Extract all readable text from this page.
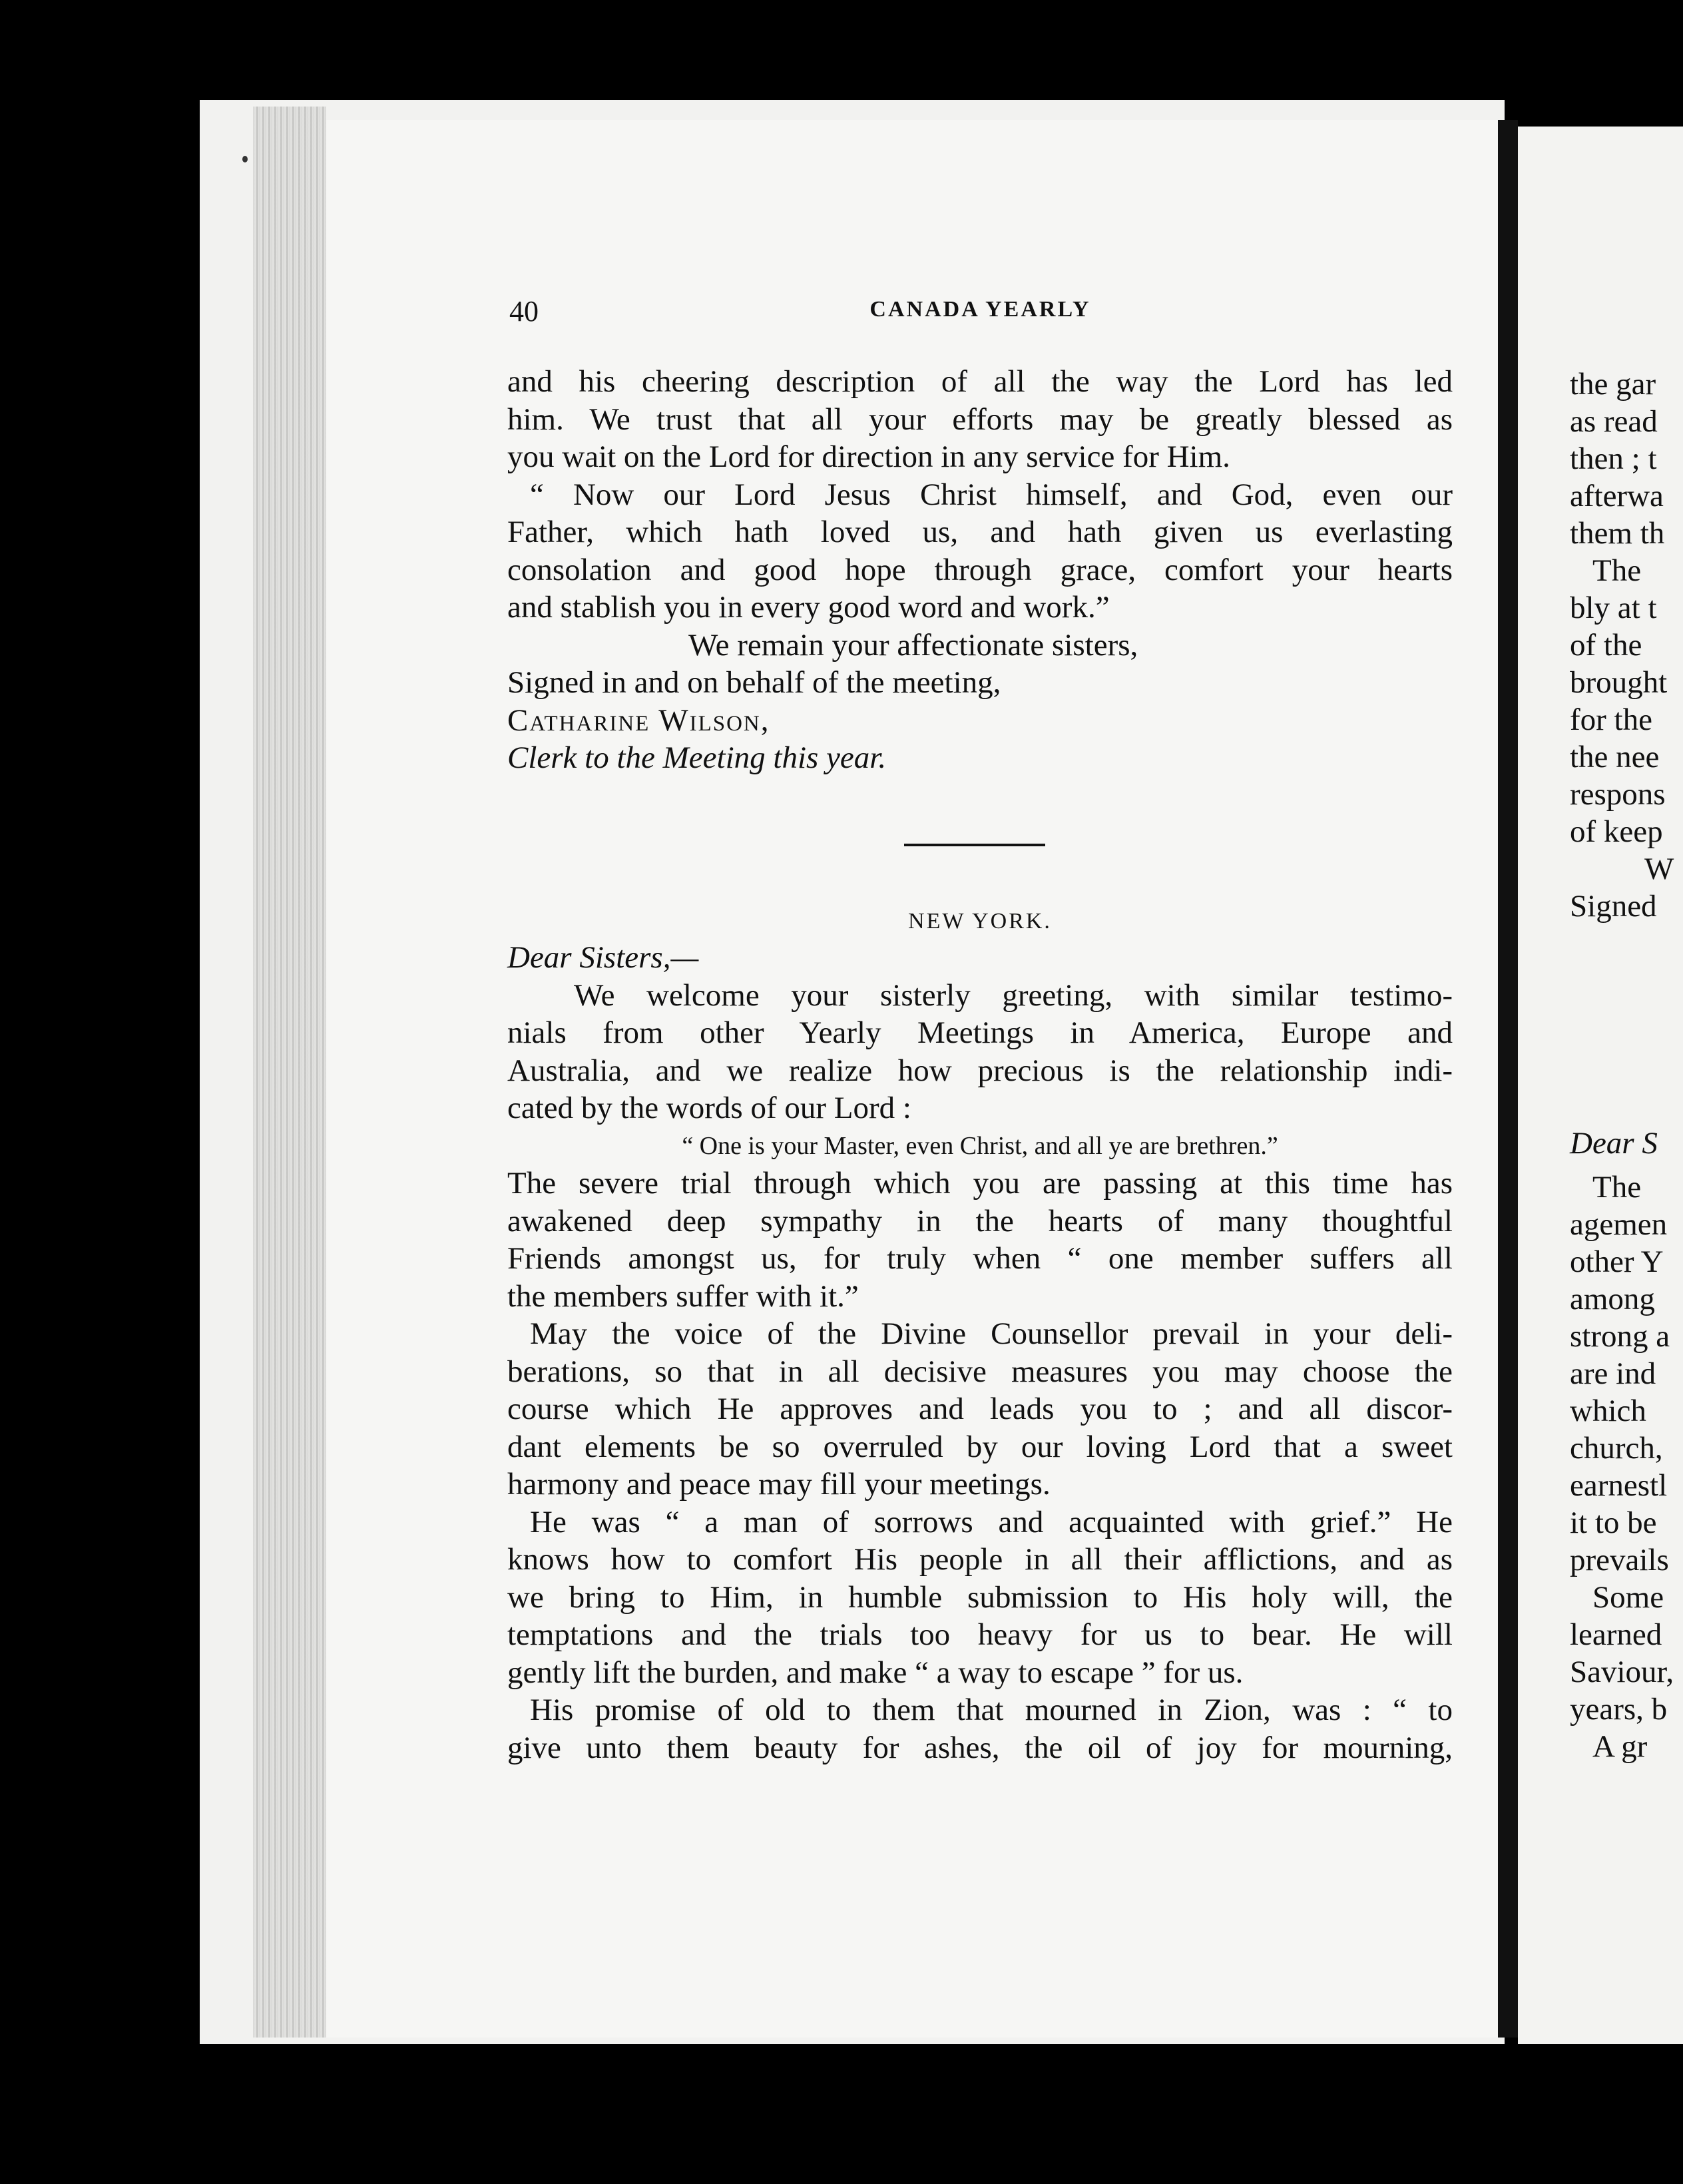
40	CANADA YEARLY

and his cheering description of all the way the Lord has led

him. We trust that all your efforts may be greatly blessed as

you wait on the Lord for direction in any service for Him.

“ Now our Lord Jesus Christ himself, and God, even our

Father, which hath loved us, and hath given us everlasting

consolation and good hope through grace, comfort your hearts

and stablish you in every good word and work.”

We remain your affectionate sisters,

Signed in and on behalf of the meeting,

Catharine Wilson,

Clerk to the Meeting this year.

NEW YORK.

Dear Sisters,—

We welcome your sisterly greeting, with similar testimo-

nials from other Yearly Meetings in America, Europe and

Australia, and we realize how precious is the relationship indi-

cated by the words of our Lord :

“ One is your Master, even Christ, and all ye are brethren.”

The severe trial through which you are passing at this time has

awakened deep sympathy in the hearts of many thoughtful

Friends amongst us, for truly when “ one member suffers all

the members suffer with it.”

May the voice of the Divine Counsellor prevail in your deli-

berations, so that in all decisive measures you may choose the

course which He approves and leads you to ; and all discor-

dant elements be so overruled by our loving Lord that a sweet

harmony and peace may fill your meetings.

He was “ a man of sorrows and acquainted with grief.” He

knows how to comfort His people in all their afflictions, and as

we bring to Him, in humble submission to His holy will, the

temptations and the trials too heavy for us to bear. He will

gently lift the burden, and make “ a way to escape ” for us.

His promise of old to them that mourned in Zion, was : “ to

give unto them beauty for ashes, the oil of joy for mourning,

the gar
as read
then ; t
afterwa
them th
The
bly at t
of the
brought
for the
the nee
respons
of keep
W
Signed
Dear S
The
agemen
other Y
among
strong a
are ind
which
church,
earnestl
it to be
prevails
Some
learned
Saviour,
years, b
A gr
